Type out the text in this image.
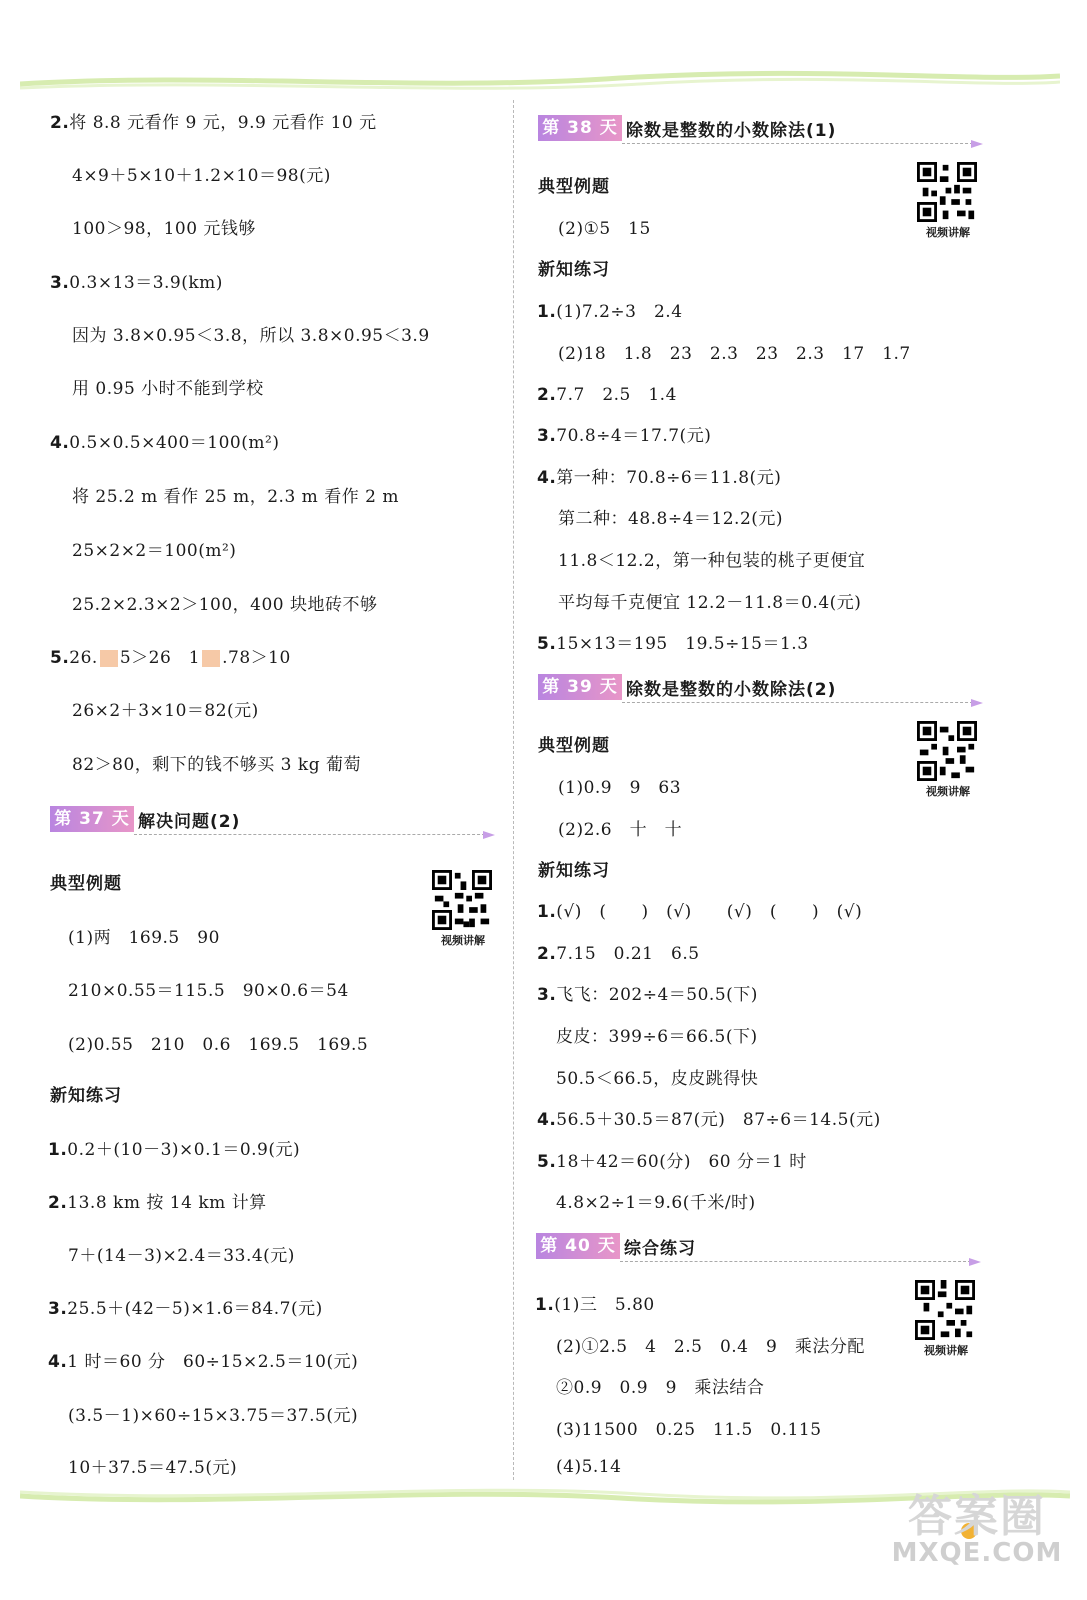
2.将 8.8 元看作 9 元，9.9 元看作 10 元
4×9＋5×10＋1.2×10＝98(元)
100＞98，100 元钱够
3.0.3×13＝3.9(km)
因为 3.8×0.95＜3.8，所以 3.8×0.95＜3.9
用 0.95 小时不能到学校
4.0.5×0.5×400＝100(m²)
将 25.2 m 看作 25 m，2.3 m 看作 2 m
25×2×2＝100(m²)
25.2×2.3×2＞100，400 块地砖不够
5.26. 5＞26　 1 .78＞10
26×2＋3×10＝82(元)
82＞80，剩下的钱不够买 3 kg 葡萄
第 37 天 解决问题(2)
典型例题
视频讲解
(1)两　169.5　90
210×0.55＝115.5　90×0.6＝54
(2)0.55　210　0.6　169.5　169.5
新知练习
1.0.2＋(10－3)×0.1＝0.9(元)
2.13.8 km 按 14 km 计算
7＋(14－3)×2.4＝33.4(元)
3.25.5＋(42－5)×1.6＝84.7(元)
4.1 时＝60 分　60÷15×2.5＝10(元)
(3.5－1)×60÷15×3.75＝37.5(元)
10＋37.5＝47.5(元)
第 38 天 除数是整数的小数除法(1)
典型例题
视频讲解
(2)①5　15
新知练习
1.(1)7.2÷3　2.4
(2)18　1.8　23　2.3　23　2.3　17　1.7
2.7.7　2.5　1.4
3.70.8÷4＝17.7(元)
4.第一种：70.8÷6＝11.8(元)
第二种：48.8÷4＝12.2(元)
11.8＜12.2，第一种包装的桃子更便宜
平均每千克便宜 12.2－11.8＝0.4(元)
5.15×13＝195　19.5÷15＝1.3
第 39 天 除数是整数的小数除法(2)
典型例题
视频讲解
(1)0.9　9　63
(2)2.6　十　十
新知练习
1.(√)　(　　)　(√)　　(√)　(　　)　(√)
2.7.15　0.21　6.5
3.飞飞：202÷4＝50.5(下)
皮皮：399÷6＝66.5(下)
50.5＜66.5，皮皮跳得快
4.56.5＋30.5＝87(元)　87÷6＝14.5(元)
5.18＋42＝60(分)　60 分＝1 时
4.8×2÷1＝9.6(千米/时)
第 40 天 综合练习
视频讲解
1.(1)三　5.80
(2)①2.5　4　2.5　0.4　9　乘法分配
②0.9　0.9　9　乘法结合
(3)11500　0.25　11.5　0.115
(4)5.14
答案圈
MXQE.COM
